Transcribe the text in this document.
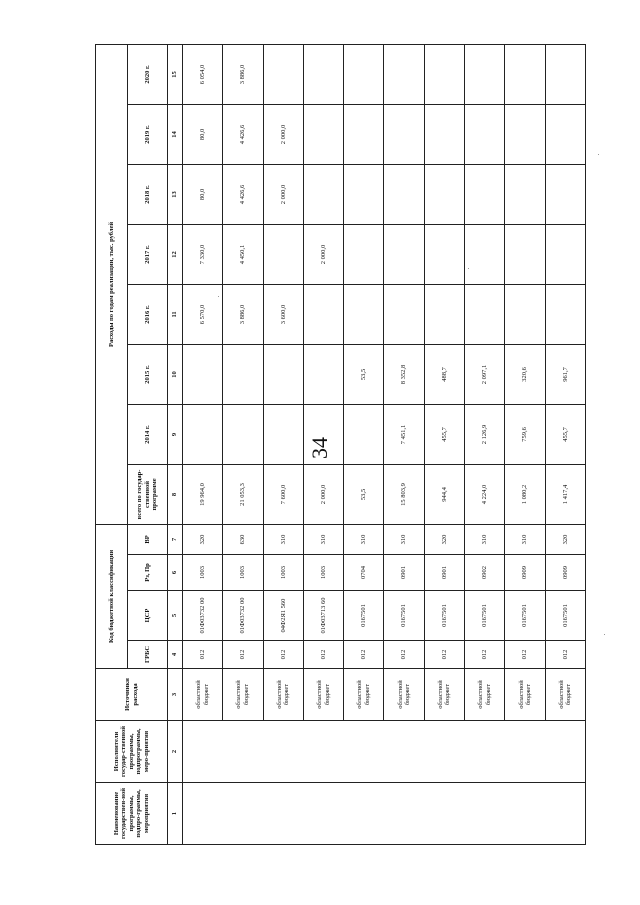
34
Наименование государствен-ной программы, подпро-граммы, мероприятия	Исполнители государ-ственной программы, подпрограммы, меро-приятия	Источники расхода	Код бюджетной классификации				Расходы по годам реализации, тыс. рублей							
			ГРБС	ЦСР	Рз, Пр	ВР	всего по государ-ственной программе	2014 г.	2015 г.	2016 г.	2017 г.	2018 г.	2019 г.	2020 г.
1	2	3	4	5	6	7	8	9	10	11	12	13	14	15
		областной бюджет	012	01Ф03732 00	1003	320	19 964,0			6 570,0	7 330,0	80,0	80,0	6 054,0
		областной бюджет	012	01Ф03732 00	1003	630	21 053,3			3 886,0	4 450,1	4 426,6	4 426,6	3 886,0
		областной бюджет	012	04Ф2Я1 560	1003	310	7 600,0			3 600,0		2 000,0	2 000,0	
		областной бюджет	012	01Ф03713 60	1003	310	2 000,0				2 000,0			
		областной бюджет	012	0167501	0704	310	53,5		53,5					
		областной бюджет	012	0167501	0901	310	15 803,9	7 451,1	8 352,8					
		областной бюджет	012	0167501	0901	320	944,4	455,7	488,7					
		областной бюджет	012	0167501	0902	310	4 224,0	2 126,9	2 097,1					
		областной бюджет	012	0167501	0909	310	1 080,2	759,6	320,6					
		областной бюджет	012	0167501	0909	320	1 417,4	455,7	961,7					
